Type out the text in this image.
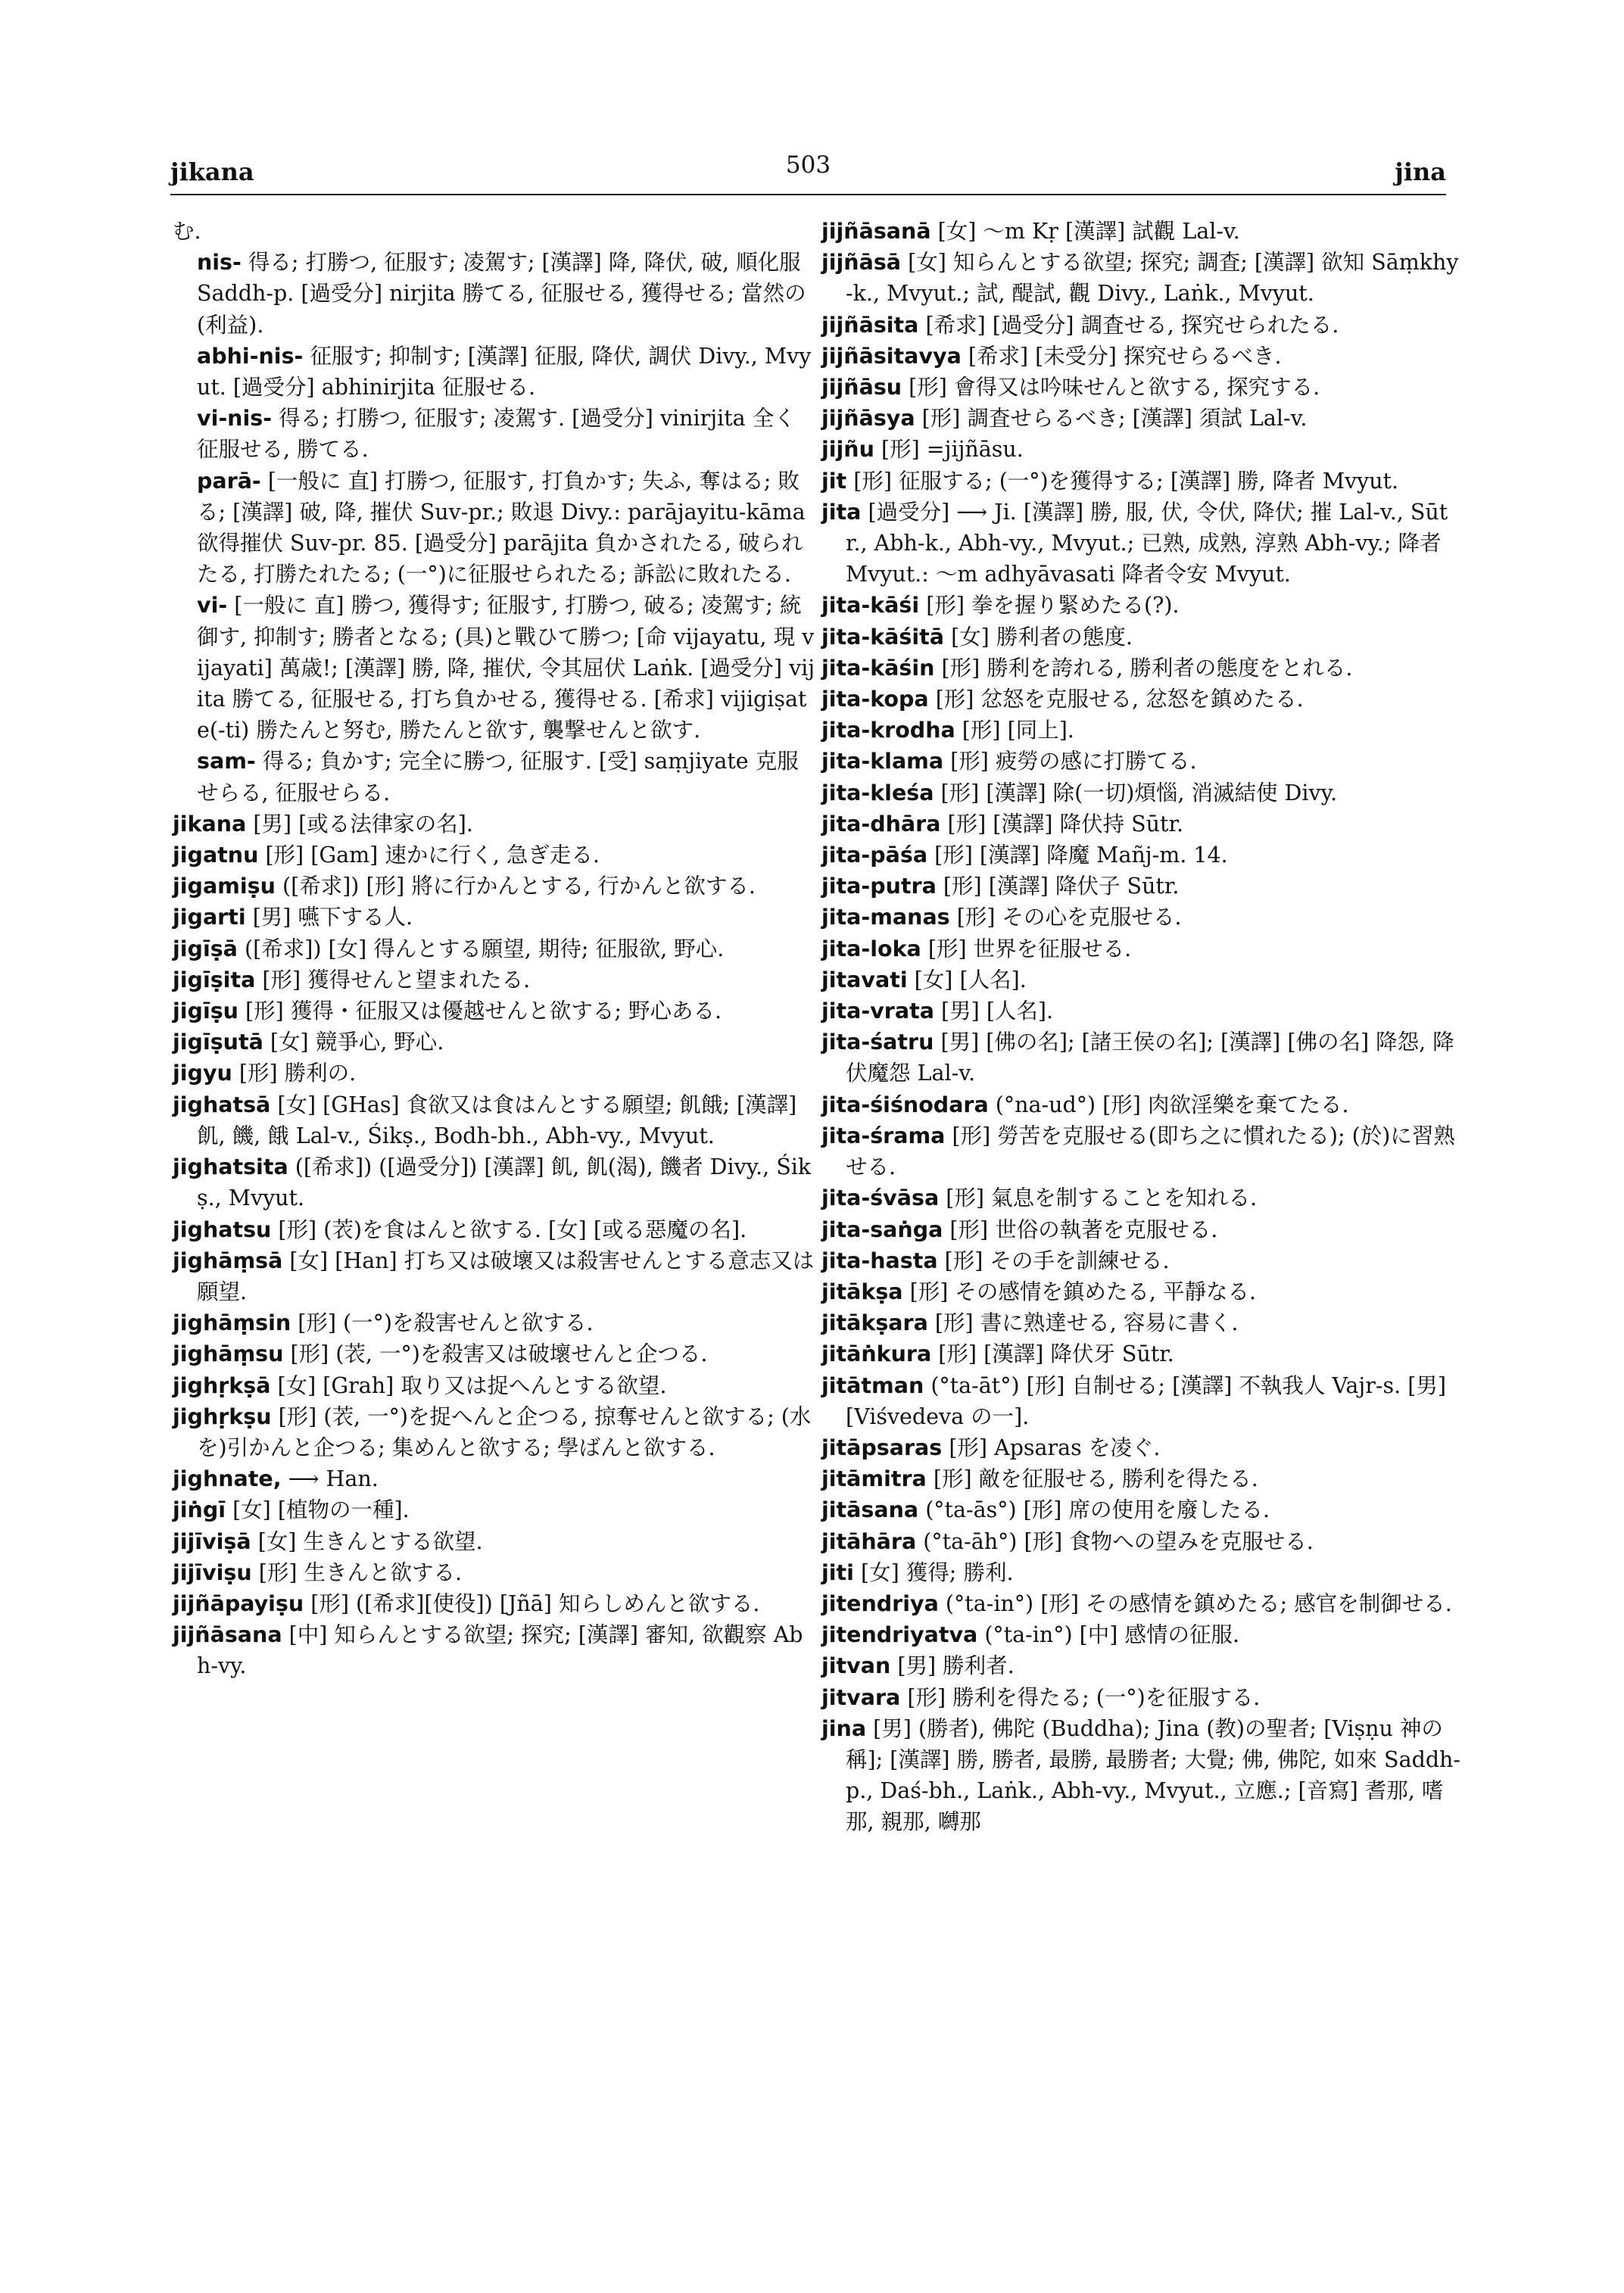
jikana	503	jina

む.

nis- 得る; 打勝つ, 征服す; 凌駕す; [漢譯] 降, 降伏, 破, 順化服 Saddh-p. [過受分] nirjita 勝てる, 征服せる, 獲得せる; 當然の(利益).

abhi-nis- 征服す; 抑制す; [漢譯] 征服, 降伏, 調伏 Divy., Mvyut. [過受分] abhinirjita 征服せる.

vi-nis- 得る; 打勝つ, 征服す; 凌駕す. [過受分] vinirjita 全く征服せる, 勝てる.

parā- [一般に 直] 打勝つ, 征服す, 打負かす; 失ふ, 奪はる; 敗る; [漢譯] 破, 降, 摧伏 Suv-pr.; 敗退 Divy.: parājayitu-kāma 欲得摧伏 Suv-pr. 85. [過受分] parājita 負かされたる, 破られたる, 打勝たれたる; (一°)に征服せられたる; 訴訟に敗れたる.

vi- [一般に 直] 勝つ, 獲得す; 征服す, 打勝つ, 破る; 凌駕す; 統御す, 抑制す; 勝者となる; (具)と戰ひて勝つ; [命 vijayatu, 現 vijayati] 萬歳!; [漢譯] 勝, 降, 摧伏, 令其屈伏 Laṅk. [過受分] vijita 勝てる, 征服せる, 打ち負かせる, 獲得せる. [希求] vijigiṣate(-ti) 勝たんと努む, 勝たんと欲す, 襲撃せんと欲す.

sam- 得る; 負かす; 完全に勝つ, 征服す. [受] saṃjiyate 克服せらる, 征服せらる.

jikana [男] [或る法律家の名].

jigatnu [形] [Gam] 速かに行く, 急ぎ走る.

jigamiṣu ([希求]) [形] 將に行かんとする, 行かんと欲する.

jigarti [男] 嚥下する人.

jigīṣā ([希求]) [女] 得んとする願望, 期待; 征服欲, 野心.

jigīṣita [形] 獲得せんと望まれたる.

jigīṣu [形] 獲得・征服又は優越せんと欲する; 野心ある.

jigīṣutā [女] 競爭心, 野心.

jigyu [形] 勝利の.

jighatsā [女] [GHas] 食欲又は食はんとする願望; 飢餓; [漢譯] 飢, 饑, 餓 Lal-v., Śikṣ., Bodh-bh., Abh-vy., Mvyut.

jighatsita ([希求]) ([過受分]) [漢譯] 飢, 飢(渴), 饑者 Divy., Śikṣ., Mvyut.

jighatsu [形] (䒾)を食はんと欲する. [女] [或る惡魔の名].

jighāṃsā [女] [Han] 打ち又は破壞又は殺害せんとする意志又は願望.

jighāṃsin [形] (一°)を殺害せんと欲する.

jighāṃsu [形] (䒾, 一°)を殺害又は破壞せんと企つる.

jighṛkṣā [女] [Grah] 取り又は捉へんとする欲望.

jighṛkṣu [形] (䒾, 一°)を捉へんと企つる, 掠奪せんと欲する; (水を)引かんと企つる; 集めんと欲する; 學ばんと欲する.

jighnate, ⟶ Han.

jiṅgī [女] [植物の一種].

jijīviṣā [女] 生きんとする欲望.

jijīviṣu [形] 生きんと欲する.

jijñāpayiṣu [形] ([希求][使役]) [Jñā] 知らしめんと欲する.

jijñāsana [中] 知らんとする欲望; 探究; [漢譯] 審知, 欲觀察 Abh-vy.

jijñāsanā [女] 〜m Kṛ [漢譯] 試觀 Lal-v.

jijñāsā [女] 知らんとする欲望; 探究; 調査; [漢譯] 欲知 Sāṃkhy-k., Mvyut.; 試, 醍試, 觀 Divy., Laṅk., Mvyut.

jijñāsita [希求] [過受分] 調査せる, 探究せられたる.

jijñāsitavya [希求] [未受分] 探究せらるべき.

jijñāsu [形] 會得又は吟味せんと欲する, 探究する.

jijñāsya [形] 調査せらるべき; [漢譯] 須試 Lal-v.

jijñu [形] =jijñāsu.

jit [形] 征服する; (一°)を獲得する; [漢譯] 勝, 降者 Mvyut.

jita [過受分] ⟶ Ji. [漢譯] 勝, 服, 伏, 令伏, 降伏; 摧 Lal-v., Sūtr., Abh-k., Abh-vy., Mvyut.; 已熟, 成熟, 淳熟 Abh-vy.; 降者 Mvyut.: 〜m adhyāvasati 降者令安 Mvyut.

jita-kāśi [形] 拳を握り緊めたる(?).

jita-kāśitā [女] 勝利者の態度.

jita-kāśin [形] 勝利を誇れる, 勝利者の態度をとれる.

jita-kopa [形] 忿怒を克服せる, 忿怒を鎮めたる.

jita-krodha [形] [同上].

jita-klama [形] 疲勞の感に打勝てる.

jita-kleśa [形] [漢譯] 除(一切)煩惱, 消滅結使 Divy.

jita-dhāra [形] [漢譯] 降伏持 Sūtr.

jita-pāśa [形] [漢譯] 降魔 Mañj-m. 14.

jita-putra [形] [漢譯] 降伏子 Sūtr.

jita-manas [形] その心を克服せる.

jita-loka [形] 世界を征服せる.

jitavati [女] [人名].

jita-vrata [男] [人名].

jita-śatru [男] [佛の名]; [諸王侯の名]; [漢譯] [佛の名] 降怨, 降伏魔怨 Lal-v.

jita-śiśnodara (°na-ud°) [形] 肉欲淫樂を棄てたる.

jita-śrama [形] 勞苦を克服せる(即ち之に慣れたる); (於)に習熟せる.

jita-śvāsa [形] 氣息を制することを知れる.

jita-saṅga [形] 世俗の執著を克服せる.

jita-hasta [形] その手を訓練せる.

jitākṣa [形] その感情を鎮めたる, 平靜なる.

jitākṣara [形] 書に熟達せる, 容易に書く.

jitāṅkura [形] [漢譯] 降伏牙 Sūtr.

jitātman (°ta-āt°) [形] 自制せる; [漢譯] 不執我人 Vajr-s. [男] [Viśvedeva の一].

jitāpsaras [形] Apsaras を凌ぐ.

jitāmitra [形] 敵を征服せる, 勝利を得たる.

jitāsana (°ta-ās°) [形] 席の使用を廢したる.

jitāhāra (°ta-āh°) [形] 食物への望みを克服せる.

jiti [女] 獲得; 勝利.

jitendriya (°ta-in°) [形] その感情を鎮めたる; 感官を制御せる.

jitendriyatva (°ta-in°) [中] 感情の征服.

jitvan [男] 勝利者.

jitvara [形] 勝利を得たる; (一°)を征服する.

jina [男] (勝者), 佛陀 (Buddha); Jina (教)の聖者; [Viṣṇu 神の稱]; [漢譯] 勝, 勝者, 最勝, 最勝者; 大覺; 佛, 佛陀, 如來 Saddh-p., Daś-bh., Laṅk., Abh-vy., Mvyut., 立應.; [音寫] 耆那, 嗜那, 親那, 嚩那
